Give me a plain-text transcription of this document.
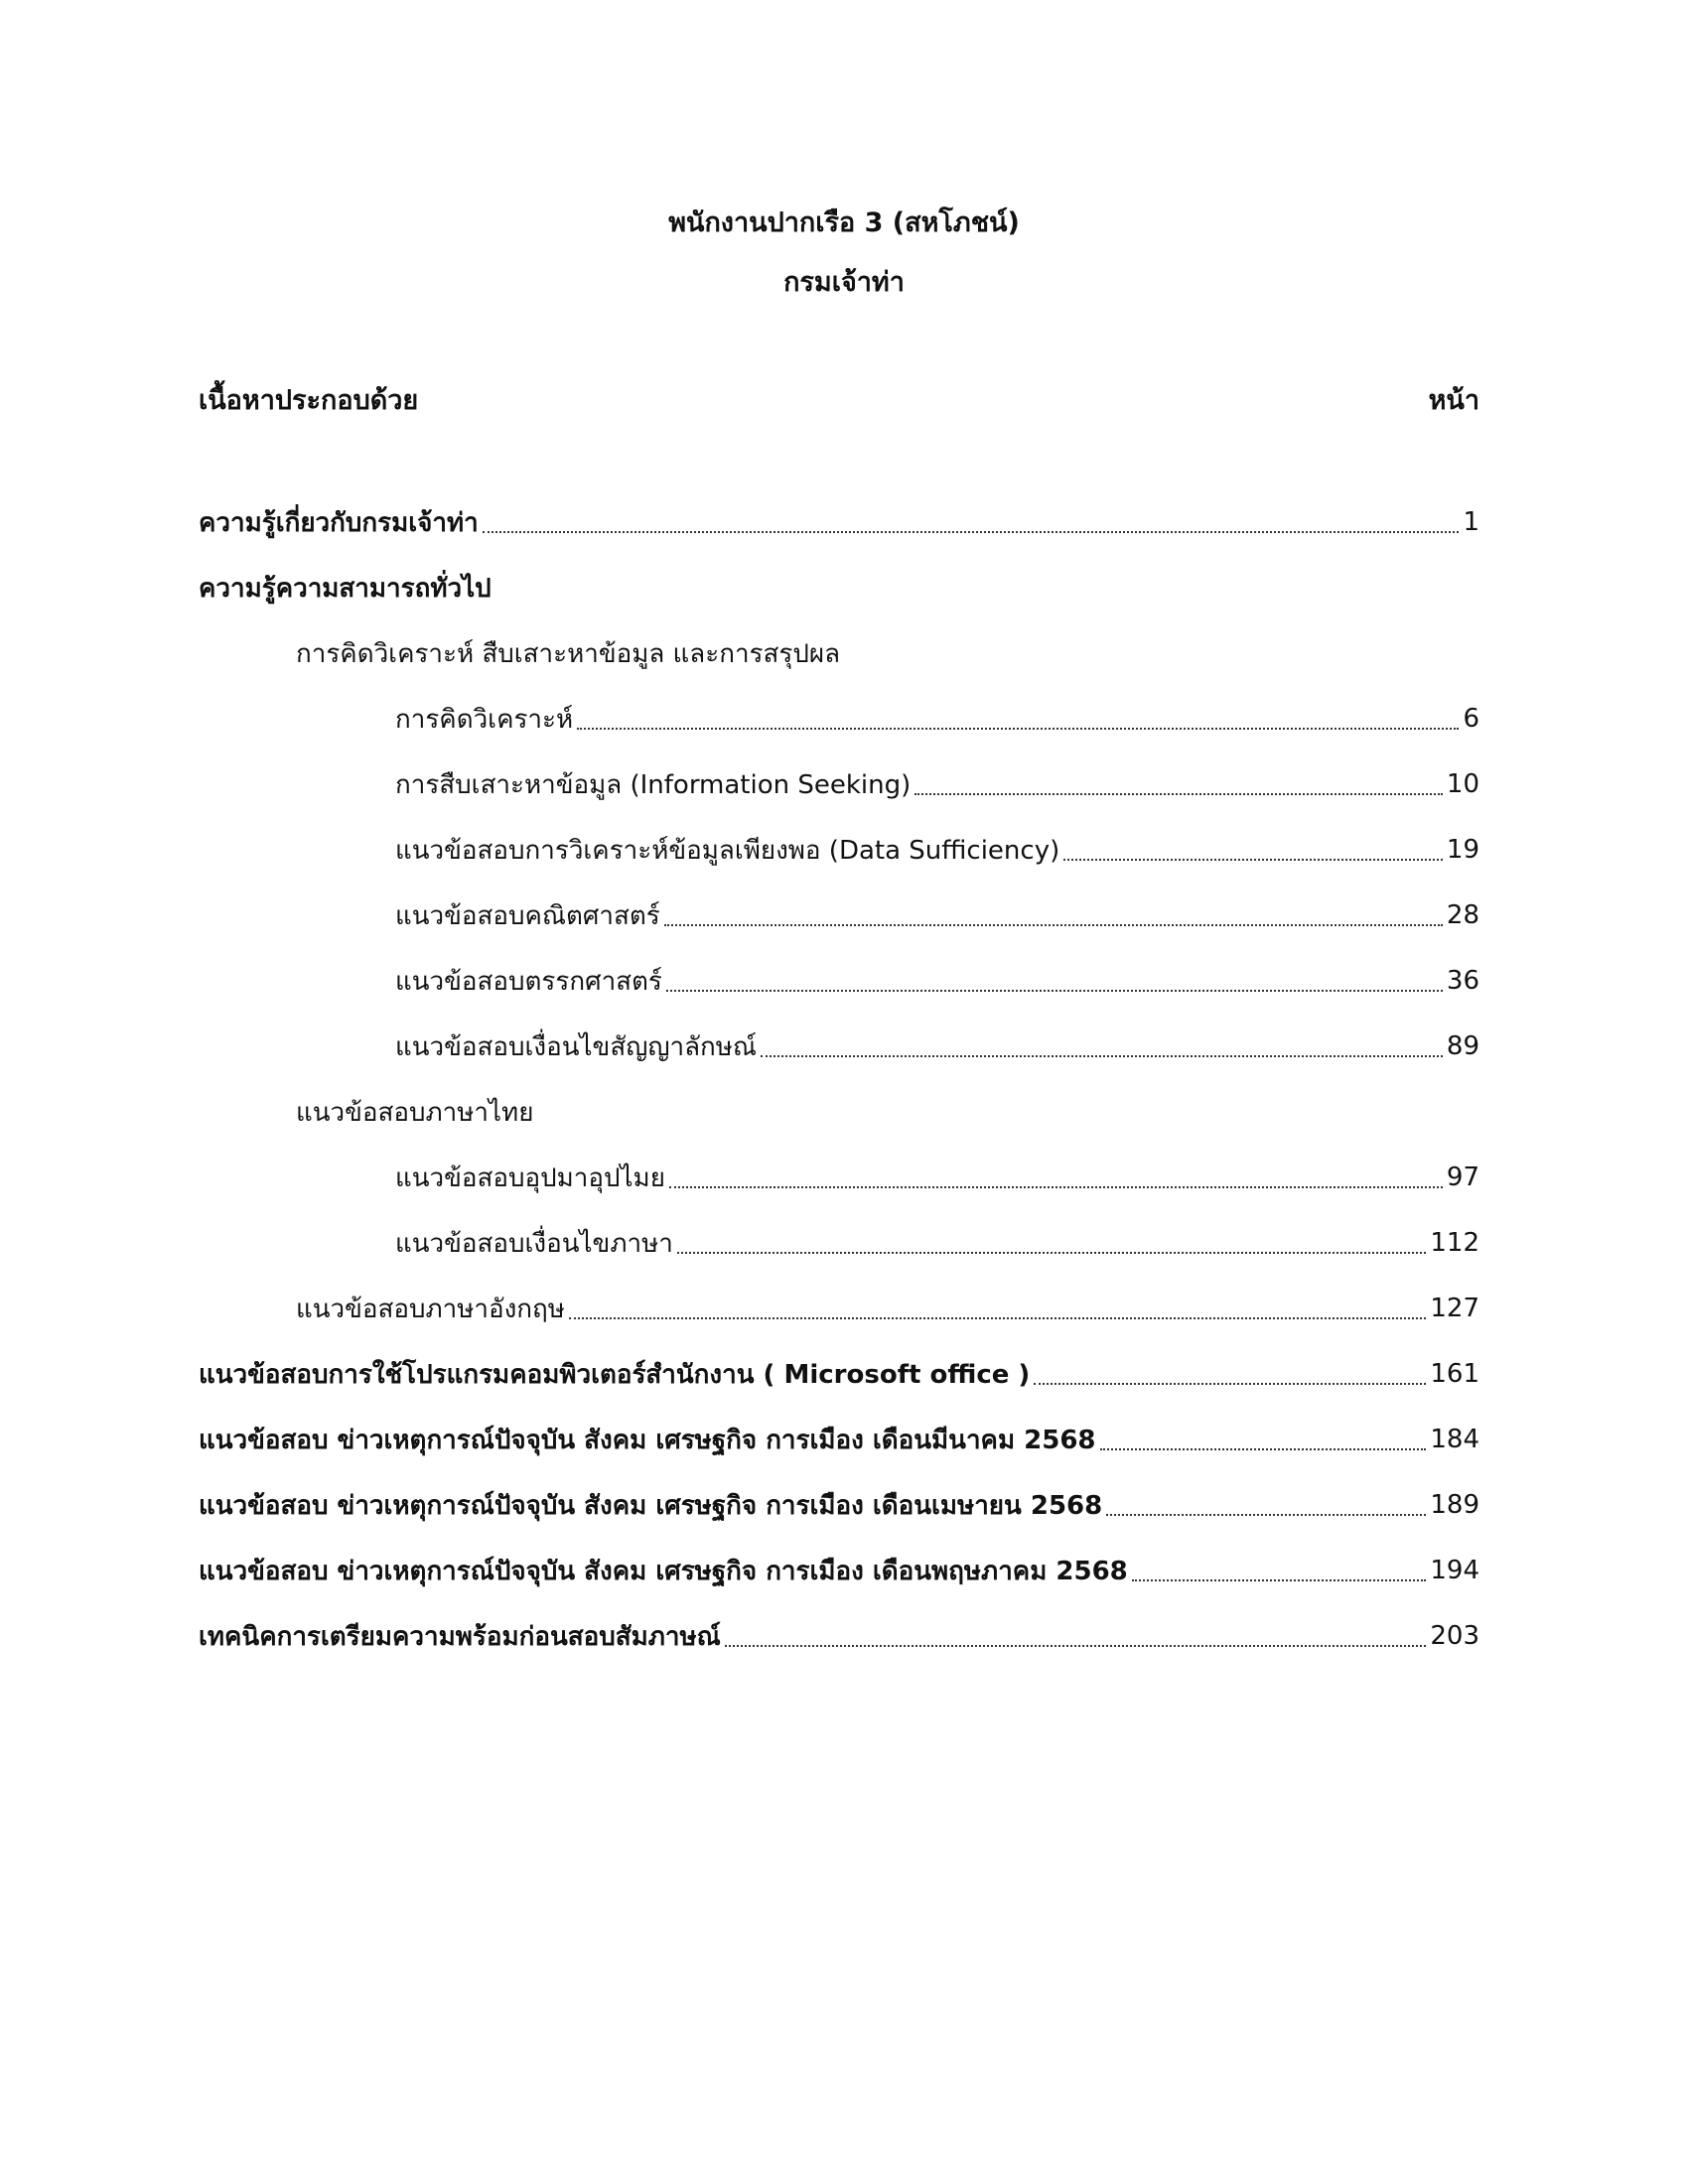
พนักงานปากเรือ 3 (สหโภชน์)
กรมเจ้าท่า
เนื้อหาประกอบด้วย	หน้า
ความรู้เกี่ยวกับกรมเจ้าท่า	1
ความรู้ความสามารถทั่วไป
การคิดวิเคราะห์ สืบเสาะหาข้อมูล และการสรุปผล
การคิดวิเคราะห์	6
การสืบเสาะหาข้อมูล (Information Seeking)	10
แนวข้อสอบการวิเคราะห์ข้อมูลเพียงพอ (Data Sufficiency)	19
แนวข้อสอบคณิตศาสตร์	28
แนวข้อสอบตรรกศาสตร์	36
แนวข้อสอบเงื่อนไขสัญญาลักษณ์	89
แนวข้อสอบภาษาไทย
แนวข้อสอบอุปมาอุปไมย	97
แนวข้อสอบเงื่อนไขภาษา	112
แนวข้อสอบภาษาอังกฤษ	127
แนวข้อสอบการใช้โปรแกรมคอมพิวเตอร์สำนักงาน ( Microsoft office )	161
แนวข้อสอบ ข่าวเหตุการณ์ปัจจุบัน สังคม เศรษฐกิจ การเมือง เดือนมีนาคม 2568	184
แนวข้อสอบ ข่าวเหตุการณ์ปัจจุบัน สังคม เศรษฐกิจ การเมือง เดือนเมษายน 2568	189
แนวข้อสอบ ข่าวเหตุการณ์ปัจจุบัน สังคม เศรษฐกิจ การเมือง เดือนพฤษภาคม 2568	194
เทคนิคการเตรียมความพร้อมก่อนสอบสัมภาษณ์	203
